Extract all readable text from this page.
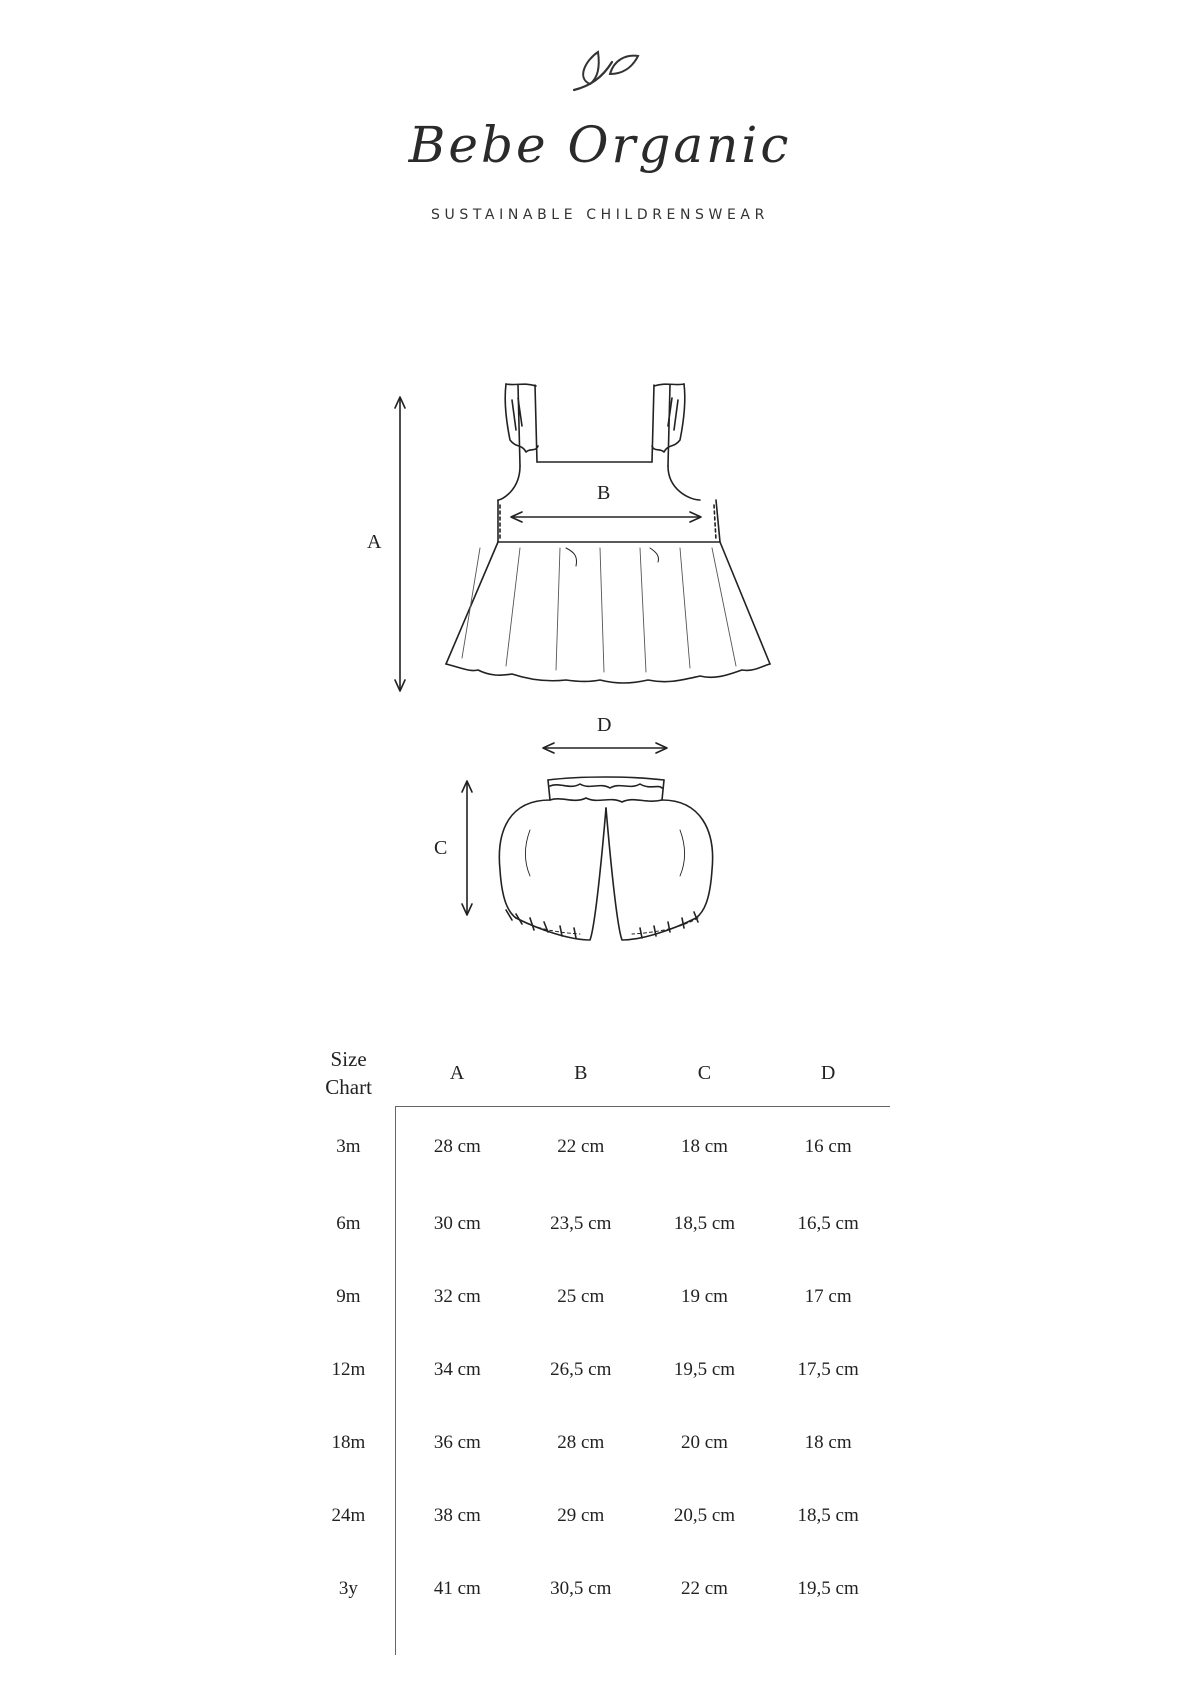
Bebe Organic
SUSTAINABLE CHILDRENSWEAR
A
B
C
D
Size
Chart	A	B	C	D
3m	28 cm	22 cm	18 cm	16 cm
6m	30 cm	23,5 cm	18,5 cm	16,5 cm
9m	32 cm	25 cm	19 cm	17 cm
12m	34 cm	26,5 cm	19,5 cm	17,5 cm
18m	36 cm	28 cm	20 cm	18 cm
24m	38 cm	29 cm	20,5 cm	18,5 cm
3y	41 cm	30,5 cm	22 cm	19,5 cm
